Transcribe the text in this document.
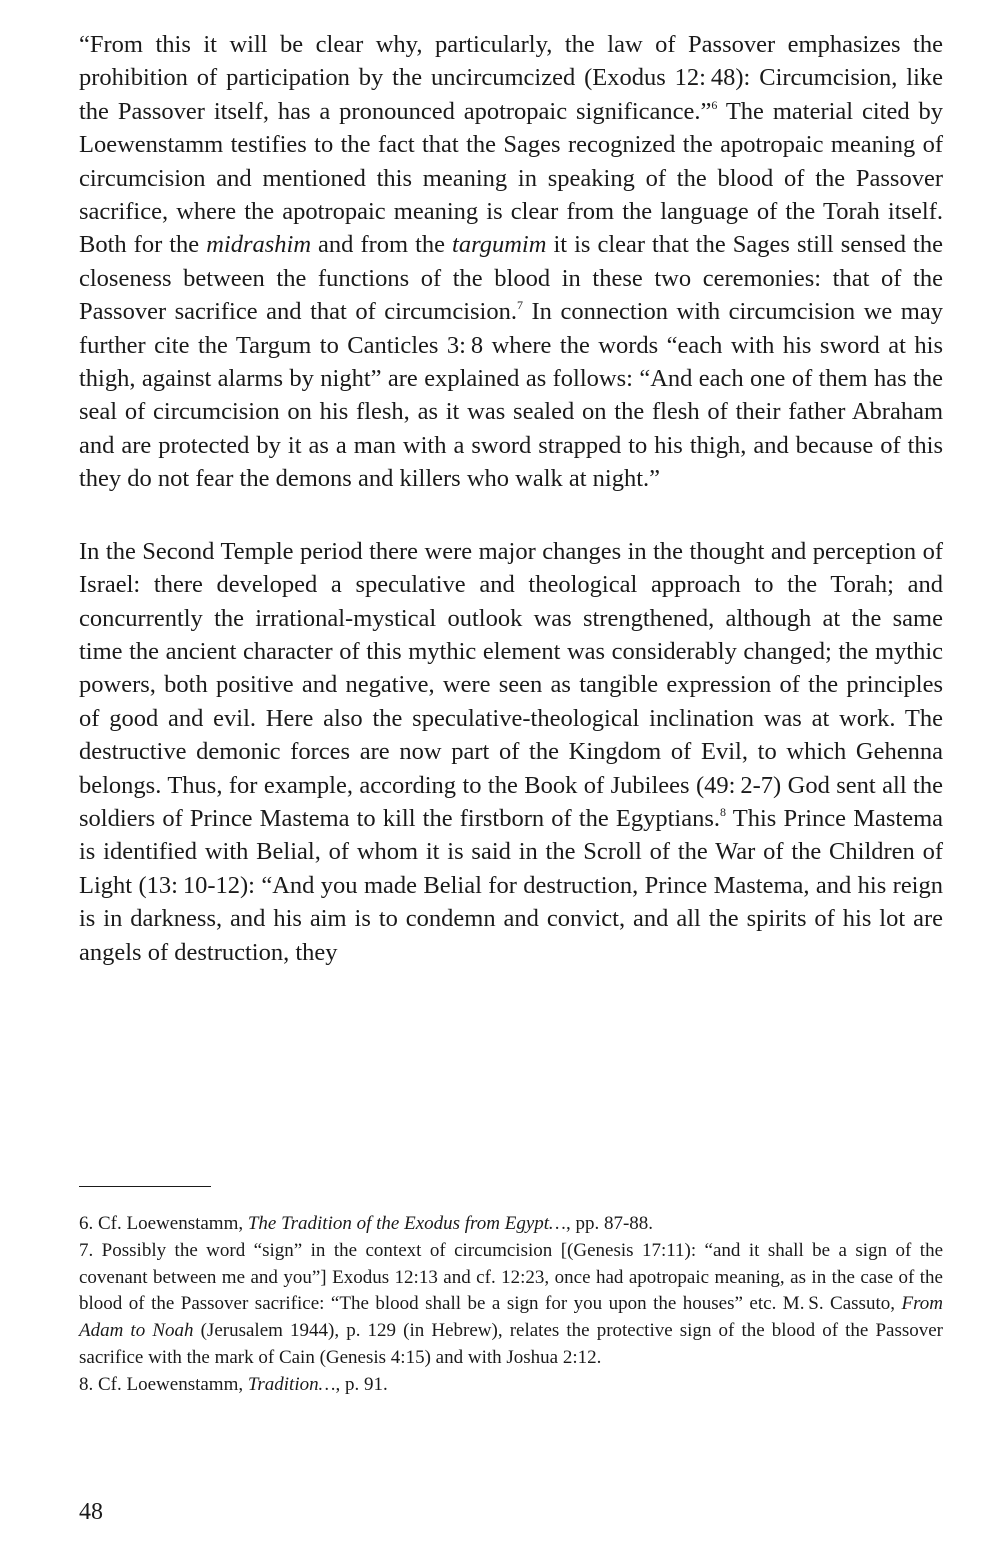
“From this it will be clear why, particularly, the law of Passover emphasizes the prohibition of participation by the uncircumcized (Exodus 12: 48): Circumcision, like the Passover itself, has a pronounced apotropaic significance.”$^6$ The material cited by Loewenstamm testifies to the fact that the Sages recognized the apotropaic meaning of circumcision and mentioned this meaning in speaking of the blood of the Passover sacrifice, where the apotropaic meaning is clear from the language of the Torah itself. Both for the midrashim and from the targumim it is clear that the Sages still sensed the closeness between the functions of the blood in these two ceremonies: that of the Passover sacrifice and that of circumcision.$^7$ In connection with circumcision we may further cite the Targum to Canticles 3: 8 where the words “each with his sword at his thigh, against alarms by night” are explained as follows: “And each one of them has the seal of circumcision on his flesh, as it was sealed on the flesh of their father Abraham and are protected by it as a man with a sword strapped to his thigh, and because of this they do not fear the demons and killers who walk at night.”

In the Second Temple period there were major changes in the thought and perception of Israel: there developed a speculative and theological approach to the Torah; and concurrently the irrational-mystical outlook was strengthened, although at the same time the ancient character of this mythic element was considerably changed; the mythic powers, both positive and negative, were seen as tangible expression of the principles of good and evil. Here also the speculative-theological inclination was at work. The destructive demonic forces are now part of the Kingdom of Evil, to which Gehenna belongs. Thus, for example, according to the Book of Jubilees (49: 2-7) God sent all the soldiers of Prince Mastema to kill the firstborn of the Egyptians.$^8$ This Prince Mastema is identified with Belial, of whom it is said in the Scroll of the War of the Children of Light (13: 10-12): “And you made Belial for destruction, Prince Mastema, and his reign is in darkness, and his aim is to condemn and convict, and all the spirits of his lot are angels of destruction, they

6. Cf. Loewenstamm, The Tradition of the Exodus from Egypt…, pp. 87-88.

7. Possibly the word “sign” in the context of circumcision [(Genesis 17:11): “and it shall be a sign of the covenant between me and you”] Exodus 12:13 and cf. 12:23, once had apotropaic meaning, as in the case of the blood of the Passover sacrifice: “The blood shall be a sign for you upon the houses” etc. M. S. Cassuto, From Adam to Noah (Jerusalem 1944), p. 129 (in Hebrew), relates the protective sign of the blood of the Passover sacrifice with the mark of Cain (Genesis 4:15) and with Joshua 2:12.

8. Cf. Loewenstamm, Tradition…, p. 91.

48
